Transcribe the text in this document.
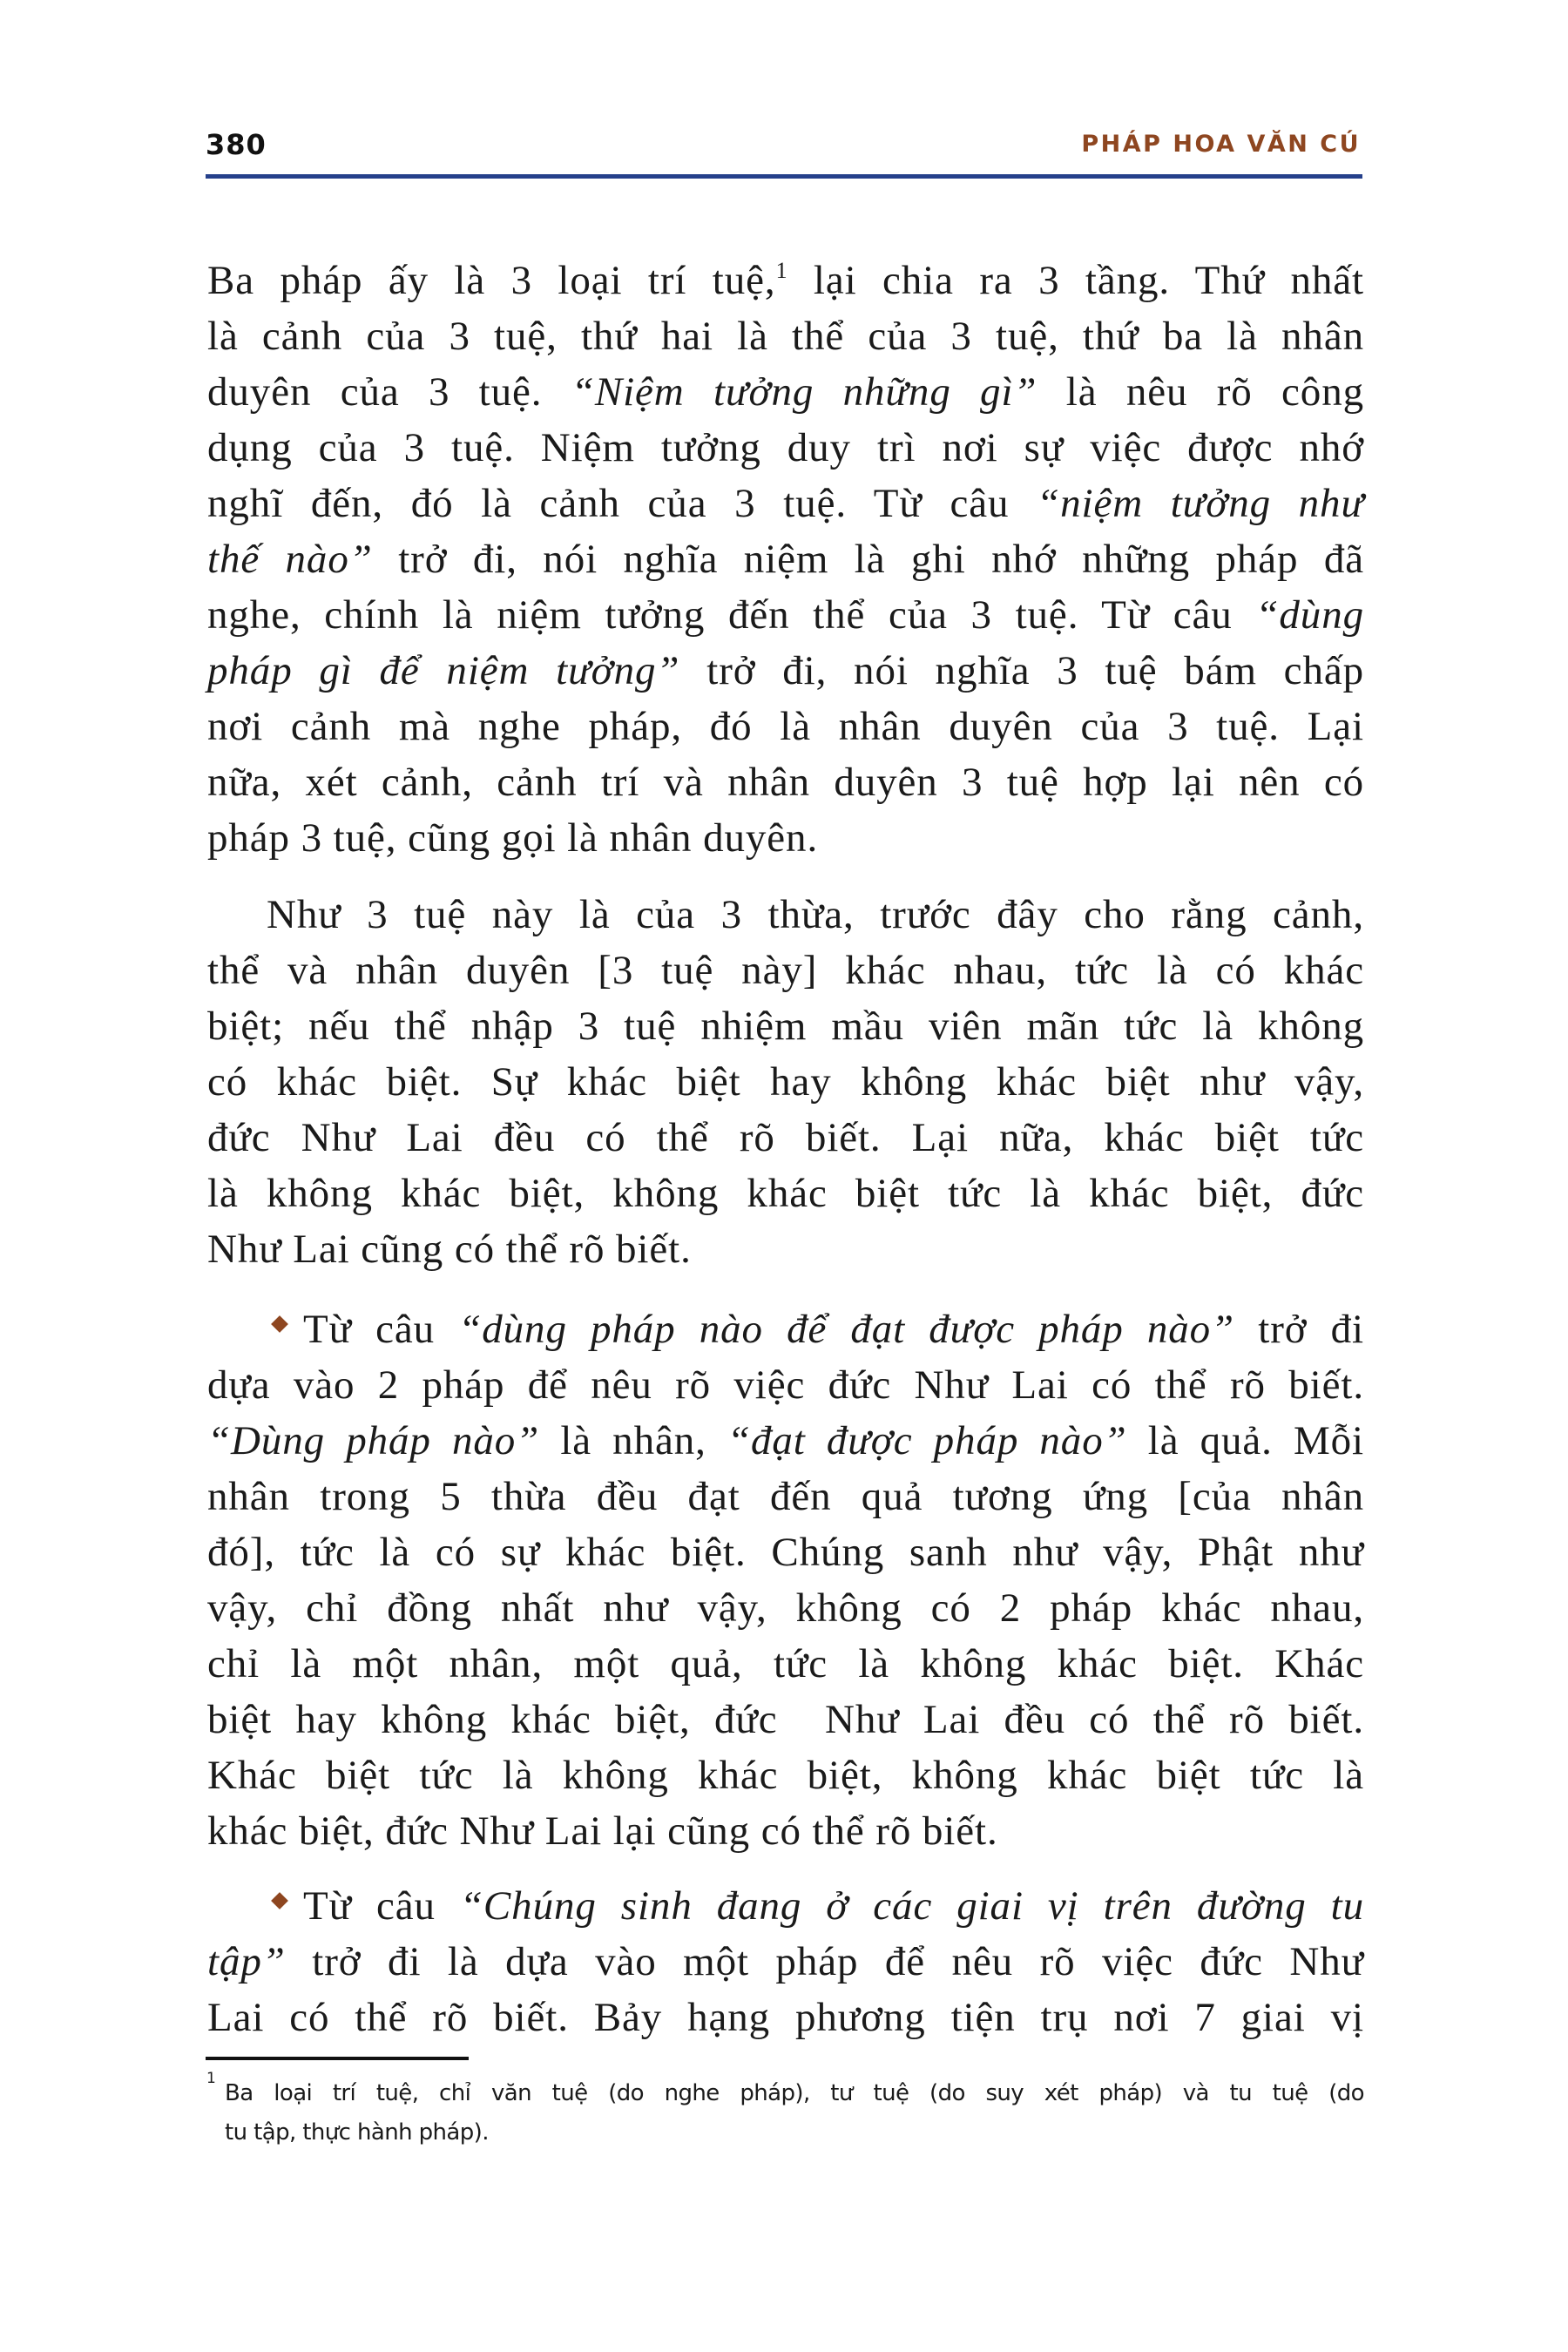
380	PHÁP HOA VĂN CÚ
Ba pháp ấy là 3 loại trí tuệ,$^1$ lại chia ra 3 tầng. Thứ nhất
là cảnh của 3 tuệ, thứ hai là thể của 3 tuệ, thứ ba là nhân
duyên của 3 tuệ. “Niệm tưởng những gì” là nêu rõ công
dụng của 3 tuệ. Niệm tưởng duy trì nơi sự việc được nhớ
nghĩ đến, đó là cảnh của 3 tuệ. Từ câu “niệm tưởng như
thế nào” trở đi, nói nghĩa niệm là ghi nhớ những pháp đã
nghe, chính là niệm tưởng đến thể của 3 tuệ. Từ câu “dùng
pháp gì để niệm tưởng” trở đi, nói nghĩa 3 tuệ bám chấp
nơi cảnh mà nghe pháp, đó là nhân duyên của 3 tuệ. Lại
nữa, xét cảnh, cảnh trí và nhân duyên 3 tuệ hợp lại nên có
pháp 3 tuệ, cũng gọi là nhân duyên.
Như 3 tuệ này là của 3 thừa, trước đây cho rằng cảnh,
thể và nhân duyên [3 tuệ này] khác nhau, tức là có khác
biệt; nếu thể nhập 3 tuệ nhiệm mầu viên mãn tức là không
có khác biệt. Sự khác biệt hay không khác biệt như vậy,
đức Như Lai đều có thể rõ biết. Lại nữa, khác biệt tức
là không khác biệt, không khác biệt tức là khác biệt, đức
Như Lai cũng có thể rõ biết.
Từ câu “dùng pháp nào để đạt được pháp nào” trở đi
dựa vào 2 pháp để nêu rõ việc đức Như Lai có thể rõ biết.
“Dùng pháp nào” là nhân, “đạt được pháp nào” là quả. Mỗi
nhân trong 5 thừa đều đạt đến quả tương ứng [của nhân
đó], tức là có sự khác biệt. Chúng sanh như vậy, Phật như
vậy, chỉ đồng nhất như vậy, không có 2 pháp khác nhau,
chỉ là một nhân, một quả, tức là không khác biệt. Khác
biệt hay không khác biệt, đức  Như Lai đều có thể rõ biết.
Khác biệt tức là không khác biệt, không khác biệt tức là
khác biệt, đức Như Lai lại cũng có thể rõ biết.
Từ câu “Chúng sinh đang ở các giai vị trên đường tu
tập” trở đi là dựa vào một pháp để nêu rõ việc đức Như
Lai có thể rõ biết. Bảy hạng phương tiện trụ nơi 7 giai vị
1
Ba loại trí tuệ, chỉ văn tuệ (do nghe pháp), tư tuệ (do suy xét pháp) và tu tuệ (do
tu tập, thực hành pháp).
